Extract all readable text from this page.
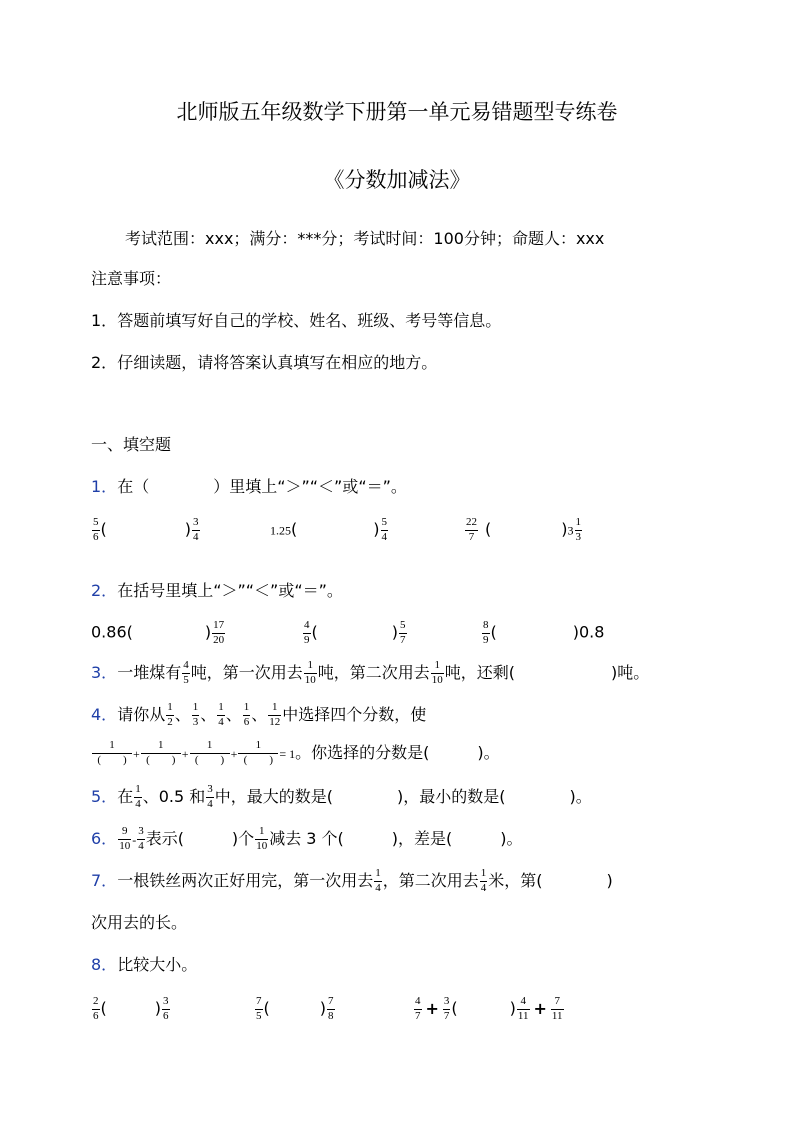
北师版五年级数学下册第一单元易错题型专练卷
《分数加减法》
考试范围：xxx；满分：***分；考试时间：100分钟；命题人：xxx
注意事项：
1．答题前填写好自己的学校、姓名、班级、考号等信息。
2．仔细读题，请将答案认真填写在相应的地方。
一、填空题
1．在（　　　　）里填上“＞”“＜”或“＝”。
$\frac{5}{6}$ (	) $\frac{3}{4}$	1.25(	) $\frac{5}{4}$	$\frac{22}{7}$ (	)$3 \frac{1}{3}$
2．在括号里填上“＞”“＜”或“＝”。
0.86(	) $\frac{17}{20}$	$\frac{4}{9}$ (	) $\frac{5}{7}$	$\frac{8}{9}$ (	)0.8
3．一堆煤有 $\frac{4}{5}$ 吨，第一次用去 $\frac{1}{10}$ 吨，第二次用去 $\frac{1}{10}$ 吨，还剩(　　　　　　)吨。
4．请你从 $\frac{1}{2}$ 、 $\frac{1}{3}$ 、 $\frac{1}{4}$ 、 $\frac{1}{6}$ 、 $\frac{1}{12}$ 中选择四个分数，使
$\frac{1}{( )} + \frac{1}{( )} + \frac{1}{( )} + \frac{1}{( )} = 1$。你选择的分数是(　　　)。
5．在 $\frac{1}{4}$ 、0.5 和 $\frac{3}{4}$ 中，最大的数是(　　　　)，最小的数是(　　　　)。
6． $\frac{9}{10} - \frac{3}{4}$ 表示(　　　)个 $\frac{1}{10}$ 减去 3 个(　　　)，差是(　　　)。
7．一根铁丝两次正好用完，第一次用去 $\frac{1}{4}$ ，第二次用去 $\frac{1}{4}$ 米，第(　　　　)
次用去的长。
8．比较大小。
$\frac{2}{6}$ (	) $\frac{3}{6}$	$\frac{7}{5}$ (	) $\frac{7}{8}$	$\frac{4}{7} + \frac{3}{7}$ (	) $\frac{4}{11} + \frac{7}{11}$
